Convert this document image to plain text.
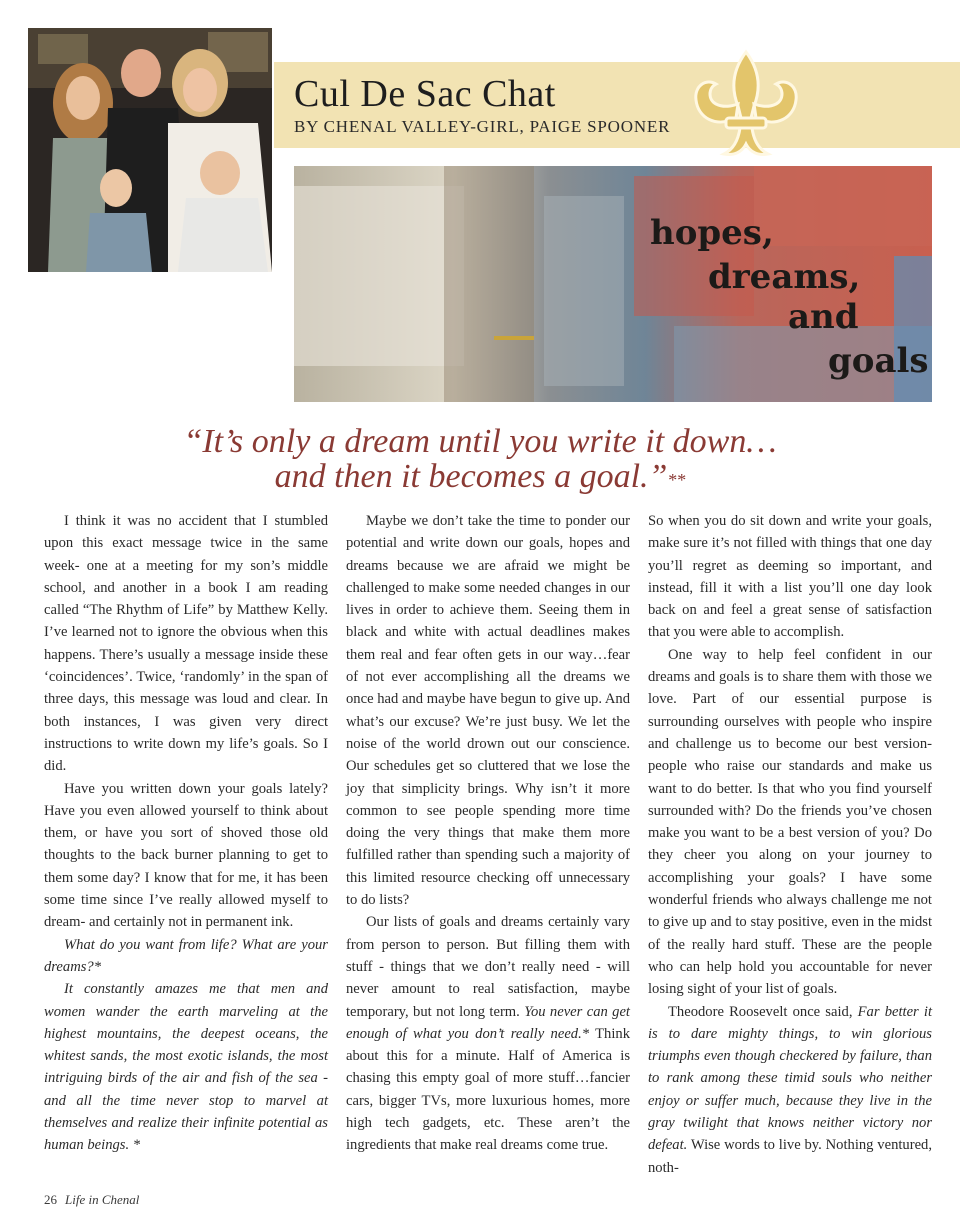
Cul De Sac Chat
BY CHENAL VALLEY-GIRL, PAIGE SPOONER
hopes,
dreams,
and
goals
“It’s only a dream until you write it down…
and then it becomes a goal.”**

I think it was no accident that I stumbled upon this exact message twice in the same week- one at a meeting for my son’s middle school, and another in a book I am reading called “The Rhythm of Life” by Matthew Kelly. I’ve learned not to ignore the obvious when this happens. There’s usually a message inside these ‘coincidences’. Twice, ‘randomly’ in the span of three days, this message was loud and clear. In both instances, I was given very direct instructions to write down my life’s goals. So I did.

Have you written down your goals lately? Have you even allowed yourself to think about them, or have you sort of shoved those old thoughts to the back burner planning to get to them some day? I know that for me, it has been some time since I’ve really allowed myself to dream- and certainly not in permanent ink.

What do you want from life? What are your dreams?*

It constantly amazes me that men and women wander the earth marveling at the highest mountains, the deepest oceans, the whitest sands, the most exotic islands, the most intriguing birds of the air and fish of the sea - and all the time never stop to marvel at themselves and realize their infinite potential as human beings. *

Maybe we don’t take the time to ponder our potential and write down our goals, hopes and dreams because we are afraid we might be challenged to make some needed changes in our lives in order to achieve them. Seeing them in black and white with actual deadlines makes them real and fear often gets in our way…fear of not ever accomplishing all the dreams we once had and maybe have begun to give up. And what’s our excuse? We’re just busy. We let the noise of the world drown out our conscience. Our schedules get so cluttered that we lose the joy that simplicity brings. Why isn’t it more common to see people spending more time doing the very things that make them more fulfilled rather than spending such a majority of this limited resource checking off unnecessary to do lists?

Our lists of goals and dreams certainly vary from person to person. But filling them with stuff - things that we don’t really need - will never amount to real satisfaction, maybe temporary, but not long term. You never can get enough of what you don’t really need.* Think about this for a minute. Half of America is chasing this empty goal of more stuff…fancier cars, bigger TVs, more luxurious homes, more high tech gadgets, etc. These aren’t the ingredients that make real dreams come true.

So when you do sit down and write your goals, make sure it’s not filled with things that one day you’ll regret as deeming so important, and instead, fill it with a list you’ll one day look back on and feel a great sense of satisfaction that you were able to accomplish.

One way to help feel confident in our dreams and goals is to share them with those we love. Part of our essential purpose is surrounding ourselves with people who inspire and challenge us to become our best version- people who raise our standards and make us want to do better. Is that who you find yourself surrounded with? Do the friends you’ve chosen make you want to be a best version of you? Do they cheer you along on your journey to accomplishing your goals? I have some wonderful friends who always challenge me not to give up and to stay positive, even in the midst of the really hard stuff. These are the people who can help hold you accountable for never losing sight of your list of goals.

Theodore Roosevelt once said, Far better it is to dare mighty things, to win glorious triumphs even though checkered by failure, than to rank among these timid souls who neither enjoy or suffer much, because they live in the gray twilight that knows neither victory nor defeat. Wise words to live by. Nothing ventured, noth-

26 Life in Chenal
